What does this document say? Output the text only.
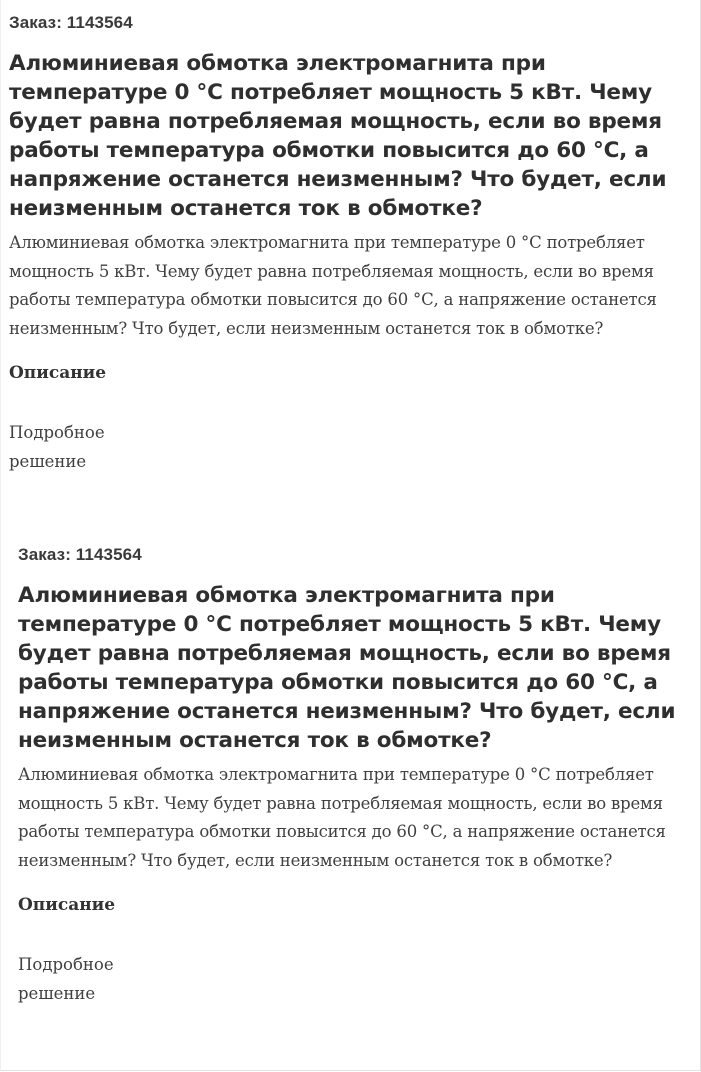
Заказ: 1143564
Алюминиевая обмотка электромагнита при температуре 0 °С потребляет мощность 5 кВт. Чему будет равна потребляемая мощность, если во время работы температура обмотки повысится до 60 °С, а напряжение останется неизменным? Что будет, если неизменным останется ток в обмотке?
Алюминиевая обмотка электромагнита при температуре 0 °С потребляет мощность 5 кВт. Чему будет равна потребляемая мощность, если во время работы температура обмотки повысится до 60 °С, а напряжение останется неизменным? Что будет, если неизменным останется ток в обмотке?
Описание
Подробное решение
Заказ: 1143564
Алюминиевая обмотка электромагнита при температуре 0 °С потребляет мощность 5 кВт. Чему будет равна потребляемая мощность, если во время работы температура обмотки повысится до 60 °С, а напряжение останется неизменным? Что будет, если неизменным останется ток в обмотке?
Алюминиевая обмотка электромагнита при температуре 0 °С потребляет мощность 5 кВт. Чему будет равна потребляемая мощность, если во время работы температура обмотки повысится до 60 °С, а напряжение останется неизменным? Что будет, если неизменным останется ток в обмотке?
Описание
Подробное решение
